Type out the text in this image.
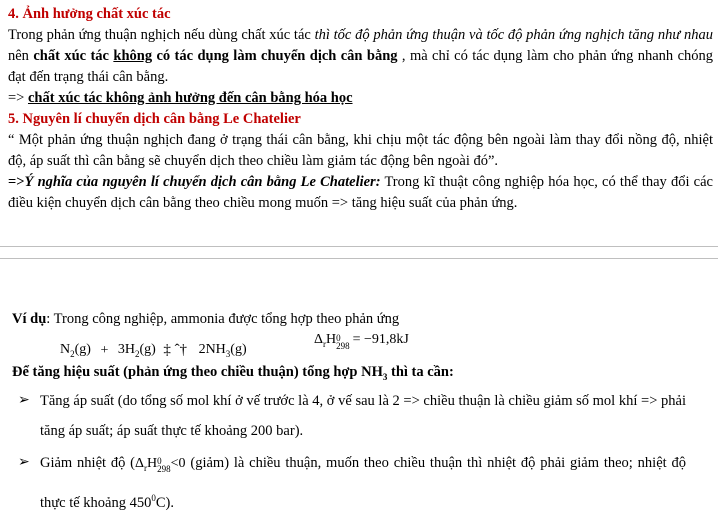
4. Ảnh hưởng chất xúc tác
Trong phản ứng thuận nghịch nếu dùng chất xúc tác thì tốc độ phản ứng thuận và tốc độ phản ứng nghịch tăng như nhau nên chất xúc tác không có tác dụng làm chuyển dịch cân bằng , mà chỉ có tác dụng làm cho phản ứng nhanh chóng đạt đến trạng thái cân bằng.
=> chất xúc tác không ảnh hưởng đến cân bằng hóa học
5. Nguyên lí chuyển dịch cân bằng Le Chatelier
“ Một phản ứng thuận nghịch đang ở trạng thái cân bằng, khi chịu một tác động bên ngoài làm thay đổi nồng độ, nhiệt độ, áp suất thì cân bằng sẽ chuyển dịch theo chiều làm giảm tác động bên ngoài đó”.
=>Ý nghĩa của nguyên lí chuyển dịch cân bằng Le Chatelier: Trong kĩ thuật công nghiệp hóa học, có thể thay đổi các điều kiện chuyển dịch cân bằng theo chiều mong muốn => tăng hiệu suất của phản ứng.
Ví dụ: Trong công nghiệp, ammonia được tổng hợp theo phản ứng
$N_2(g) + 3H_2(g)$ ‡ ˆ† $2NH_3(g)$
$\Delta_rH$ 0
298 = −91,8kJ
Để tăng hiệu suất (phản ứng theo chiều thuận) tổng hợp $NH_3$ thì ta cần:
➢ Tăng áp suất (do tổng số mol khí ở vế trước là 4, ở vế sau là 2 => chiều thuận là chiều giảm số mol khí => phải tăng áp suất; áp suất thực tế khoảng 200 bar).
➢ Giảm nhiệt độ ($\Delta_rH$ 0
298 <0 (giảm) là chiều thuận, muốn theo chiều thuận thì nhiệt độ phải giảm theo; nhiệt độ thực tế khoảng $450^0C$).
